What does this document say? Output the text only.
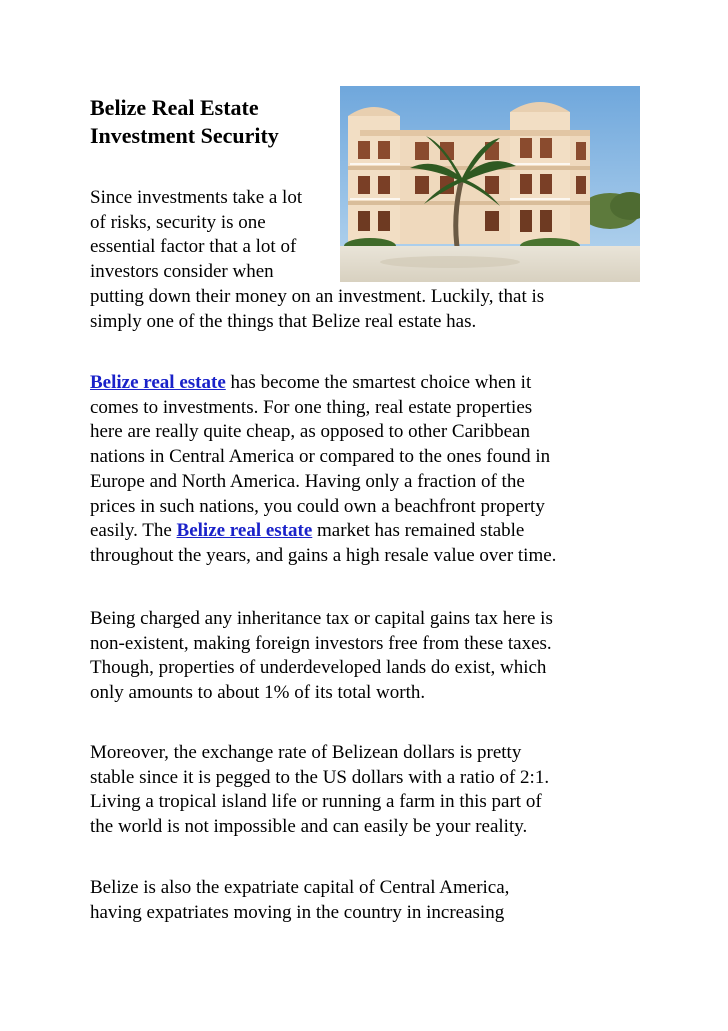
Belize Real Estate
Investment Security

Since investments take a lot
of risks, security is one
essential factor that a lot of
investors consider when

putting down their money on an investment. Luckily, that is
simply one of the things that Belize real estate has.

Belize real estate has become the smartest choice when it
comes to investments. For one thing, real estate properties
here are really quite cheap, as opposed to other Caribbean
nations in Central America or compared to the ones found in
Europe and North America. Having only a fraction of the
prices in such nations, you could own a beachfront property
easily. The Belize real estate market has remained stable
throughout the years, and gains a high resale value over time.

Being charged any inheritance tax or capital gains tax here is
non-existent, making foreign investors free from these taxes.
Though, properties of underdeveloped lands do exist, which
only amounts to about 1% of its total worth.

Moreover, the exchange rate of Belizean dollars is pretty
stable since it is pegged to the US dollars with a ratio of 2:1.
Living a tropical island life or running a farm in this part of
the world is not impossible and can easily be your reality.

Belize is also the expatriate capital of Central America,
having expatriates moving in the country in increasing
